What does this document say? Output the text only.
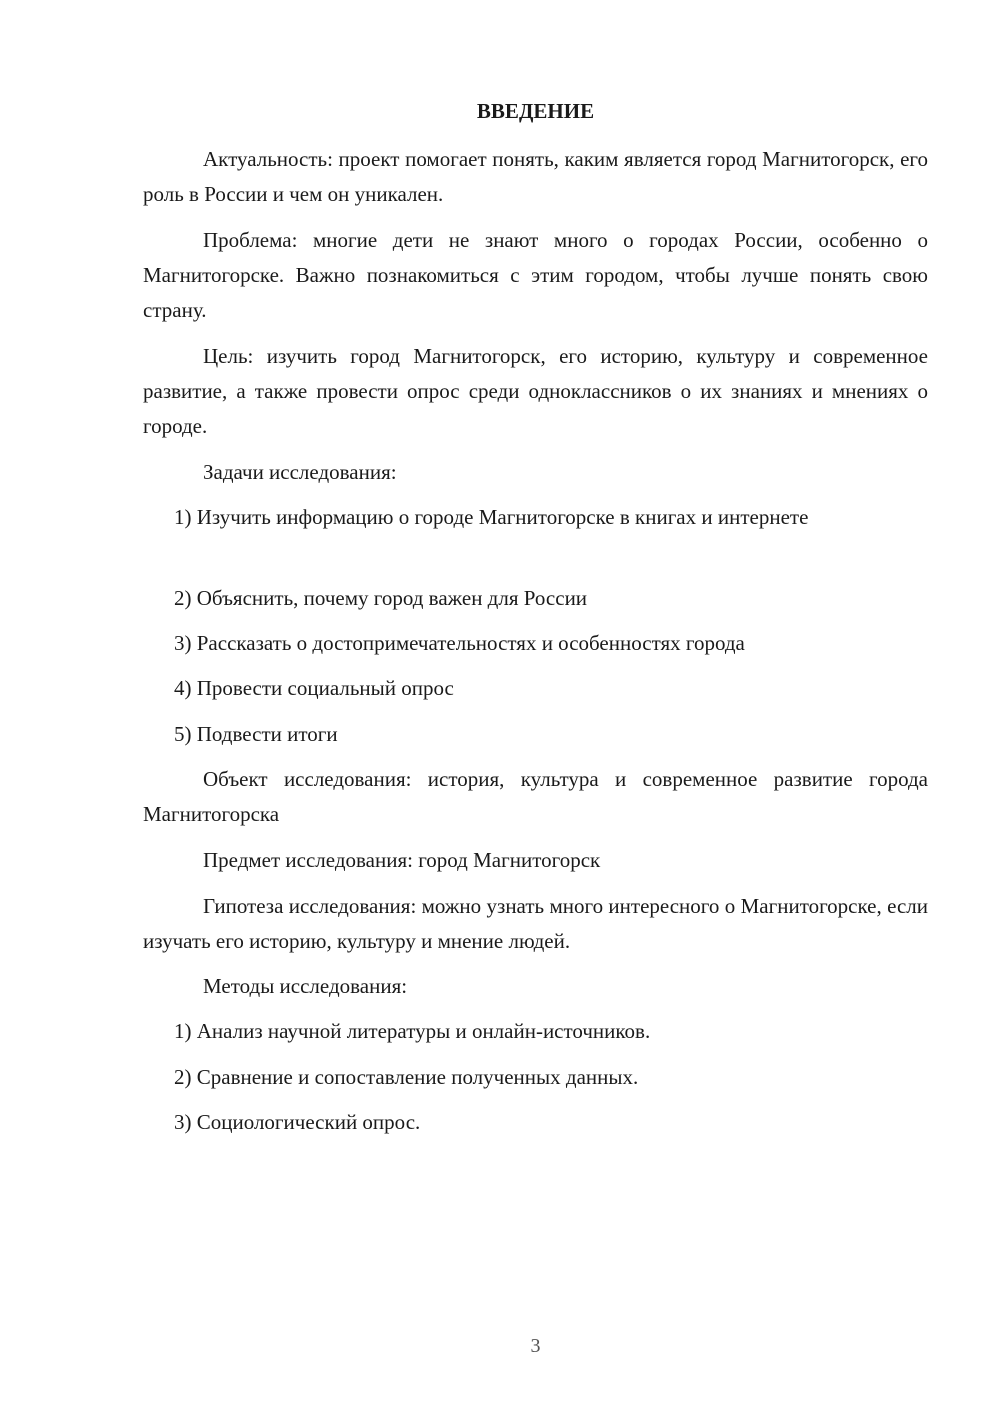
ВВЕДЕНИЕ

Актуальность: проект помогает понять, каким является город Магнитогорск, его роль в России и чем он уникален.

Проблема: многие дети не знают много о городах России, особенно о Магнитогорске. Важно познакомиться с этим городом, чтобы лучше понять свою страну.

Цель: изучить город Магнитогорск, его историю, культуру и современное развитие, а также провести опрос среди одноклассников о их знаниях и мнениях о городе.

Задачи исследования:

1) Изучить информацию о городе Магнитогорске в книгах и интернете

2) Объяснить, почему город важен для России

3) Рассказать о достопримечательностях и особенностях города

4) Провести социальный опрос

5) Подвести итоги

Объект исследования: история, культура и современное развитие города Магнитогорска

Предмет исследования: город Магнитогорск

Гипотеза исследования: можно узнать много интересного о Магнитогорске, если изучать его историю, культуру и мнение людей.

Методы исследования:

1) Анализ научной литературы и онлайн-источников.

2) Сравнение и сопоставление полученных данных.

3) Социологический опрос.

3
